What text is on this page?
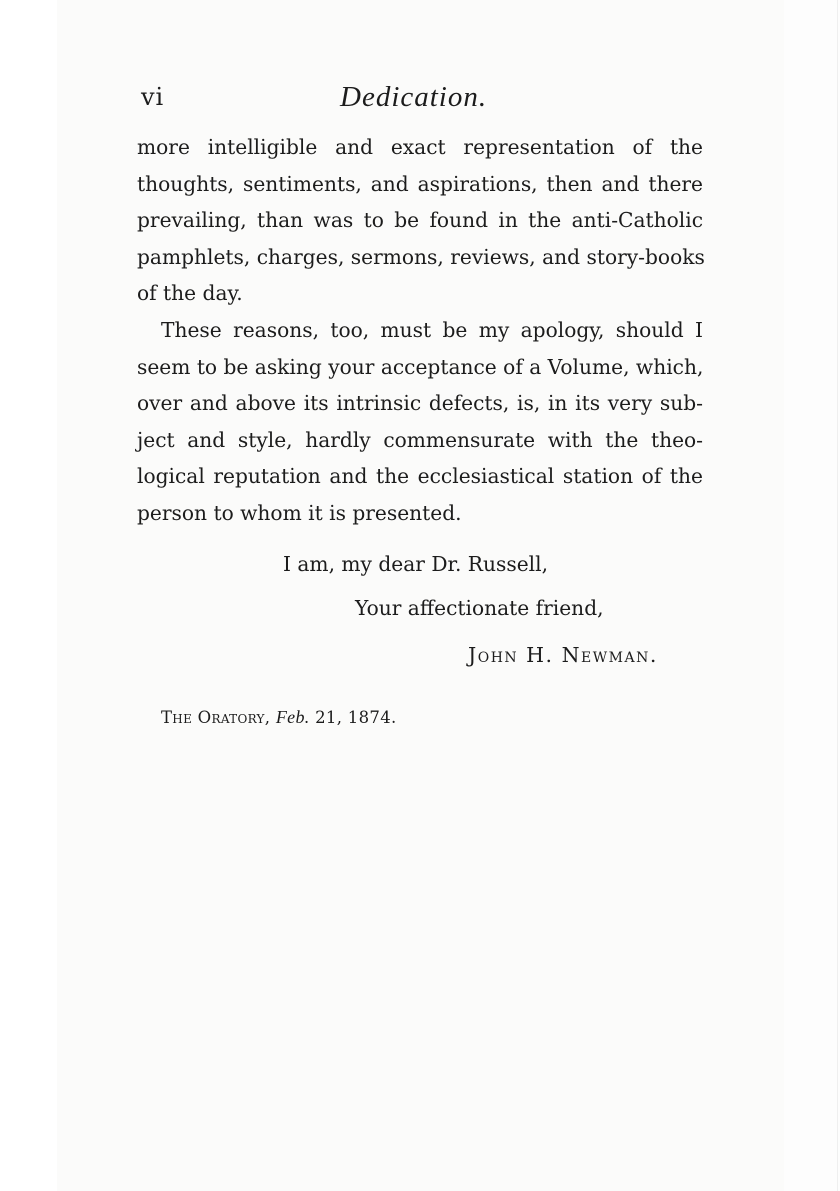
vi	Dedication.

more intelligible and exact representation of the

thoughts, sentiments, and aspirations, then and there

prevailing, than was to be found in the anti-Catholic

pamphlets, charges, sermons, reviews, and story-books

of the day.

These reasons, too, must be my apology, should I

seem to be asking your acceptance of a Volume, which,

over and above its intrinsic defects, is, in its very sub-

ject and style, hardly commensurate with the theo-

logical reputation and the ecclesiastical station of the

person to whom it is presented.

I am, my dear Dr. Russell,

Your affectionate friend,

John H. Newman.
The Oratory, Feb. 21, 1874.
